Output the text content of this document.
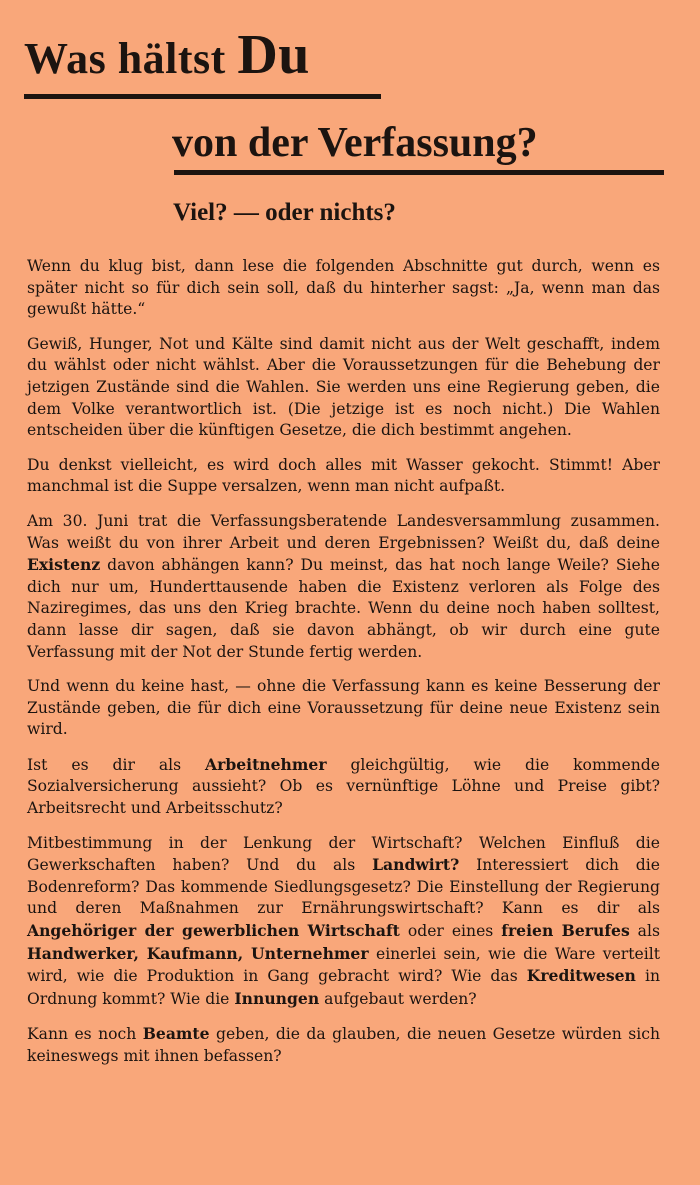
Was hältst Du
von der Verfassung?
Viel? — oder nichts?

Wenn du klug bist, dann lese die folgenden Abschnitte gut durch, wenn es später nicht so für dich sein soll, daß du hinterher sagst: „Ja, wenn man das gewußt hätte.“

Gewiß, Hunger, Not und Kälte sind damit nicht aus der Welt geschafft, indem du wählst oder nicht wählst. Aber die Voraussetzungen für die Behebung der jetzigen Zustände sind die Wahlen. Sie werden uns eine Regierung geben, die dem Volke verantwortlich ist. (Die jetzige ist es noch nicht.) Die Wahlen entscheiden über die künftigen Gesetze, die dich bestimmt angehen.

Du denkst vielleicht, es wird doch alles mit Wasser gekocht. Stimmt! Aber manchmal ist die Suppe versalzen, wenn man nicht aufpaßt.

Am 30. Juni trat die Verfassungsberatende Landesversammlung zusammen. Was weißt du von ihrer Arbeit und deren Ergebnissen? Weißt du, daß deine Existenz davon abhängen kann? Du meinst, das hat noch lange Weile? Siehe dich nur um, Hunderttausende haben die Existenz verloren als Folge des Naziregimes, das uns den Krieg brachte. Wenn du deine noch haben solltest, dann lasse dir sagen, daß sie davon abhängt, ob wir durch eine gute Verfassung mit der Not der Stunde fertig werden.

Und wenn du keine hast, — ohne die Verfassung kann es keine Besserung der Zustände geben, die für dich eine Voraussetzung für deine neue Existenz sein wird.

Ist es dir als Arbeitnehmer gleichgültig, wie die kommende Sozialversicherung aussieht? Ob es vernünftige Löhne und Preise gibt? Arbeitsrecht und Arbeitsschutz?

Mitbestimmung in der Lenkung der Wirtschaft? Welchen Einfluß die Gewerkschaften haben? Und du als Landwirt? Interessiert dich die Bodenreform? Das kommende Siedlungsgesetz? Die Einstellung der Regierung und deren Maßnahmen zur Ernährungswirtschaft? Kann es dir als Angehöriger der gewerblichen Wirtschaft oder eines freien Berufes als Handwerker, Kaufmann, Unternehmer einerlei sein, wie die Ware verteilt wird, wie die Produktion in Gang gebracht wird? Wie das Kreditwesen in Ordnung kommt? Wie die Innungen aufgebaut werden?

Kann es noch Beamte geben, die da glauben, die neuen Gesetze würden sich keineswegs mit ihnen befassen?
